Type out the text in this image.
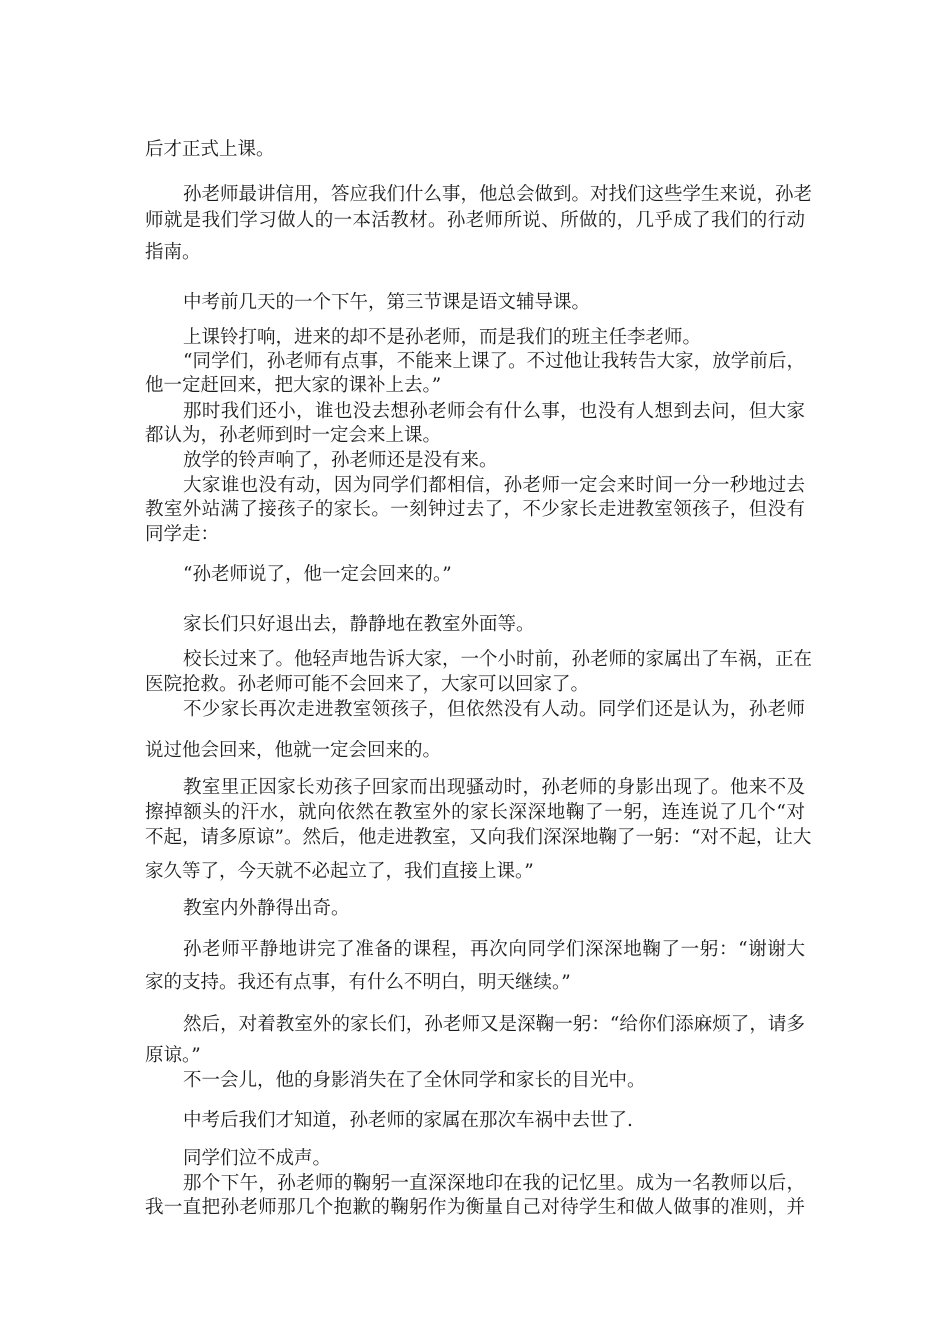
后才正式上课。

孙老师最讲信用，答应我们什么事，他总会做到。对找们这些学生来说，孙老

师就是我们学习做人的一本活教材。孙老师所说、所做的，几乎成了我们的行动

指南。

中考前几天的一个下午，第三节课是语文辅导课。

上课铃打响，进来的却不是孙老师，而是我们的班主任李老师。

“同学们，孙老师有点事，不能来上课了。不过他让我转告大家，放学前后，

他一定赶回来，把大家的课补上去。”

那时我们还小，谁也没去想孙老师会有什么事，也没有人想到去问，但大家

都认为，孙老师到时一定会来上课。

放学的铃声响了，孙老师还是没有来。

大家谁也没有动，因为同学们都相信，孙老师一定会来时间一分一秒地过去

教室外站满了接孩子的家长。一刻钟过去了，不少家长走进教室领孩子，但没有

同学走：

“孙老师说了，他一定会回来的。”

家长们只好退出去，静静地在教室外面等。

校长过来了。他轻声地告诉大家，一个小时前，孙老师的家属出了车祸，正在

医院抢救。孙老师可能不会回来了，大家可以回家了。

不少家长再次走进教室领孩子，但依然没有人动。同学们还是认为，孙老师

说过他会回来，他就一定会回来的。

教室里正因家长劝孩子回家而出现骚动时，孙老师的身影出现了。他来不及

擦掉额头的汗水，就向依然在教室外的家长深深地鞠了一躬，连连说了几个“对

不起，请多原谅”。然后，他走进教室，又向我们深深地鞠了一躬：“对不起，让大

家久等了，今天就不必起立了，我们直接上课。”

教室内外静得出奇。

孙老师平静地讲完了准备的课程，再次向同学们深深地鞠了一躬：“谢谢大

家的支持。我还有点事，有什么不明白，明天继续。”

然后，对着教室外的家长们，孙老师又是深鞠一躬：“给你们添麻烦了，请多

原谅。”

不一会儿，他的身影消失在了全休同学和家长的目光中。

中考后我们才知道，孙老师的家属在那次车祸中去世了.

同学们泣不成声。

那个下午，孙老师的鞠躬一直深深地印在我的记忆里。成为一名教师以后，

我一直把孙老师那几个抱歉的鞠躬作为衡量自己对待学生和做人做事的准则，并
